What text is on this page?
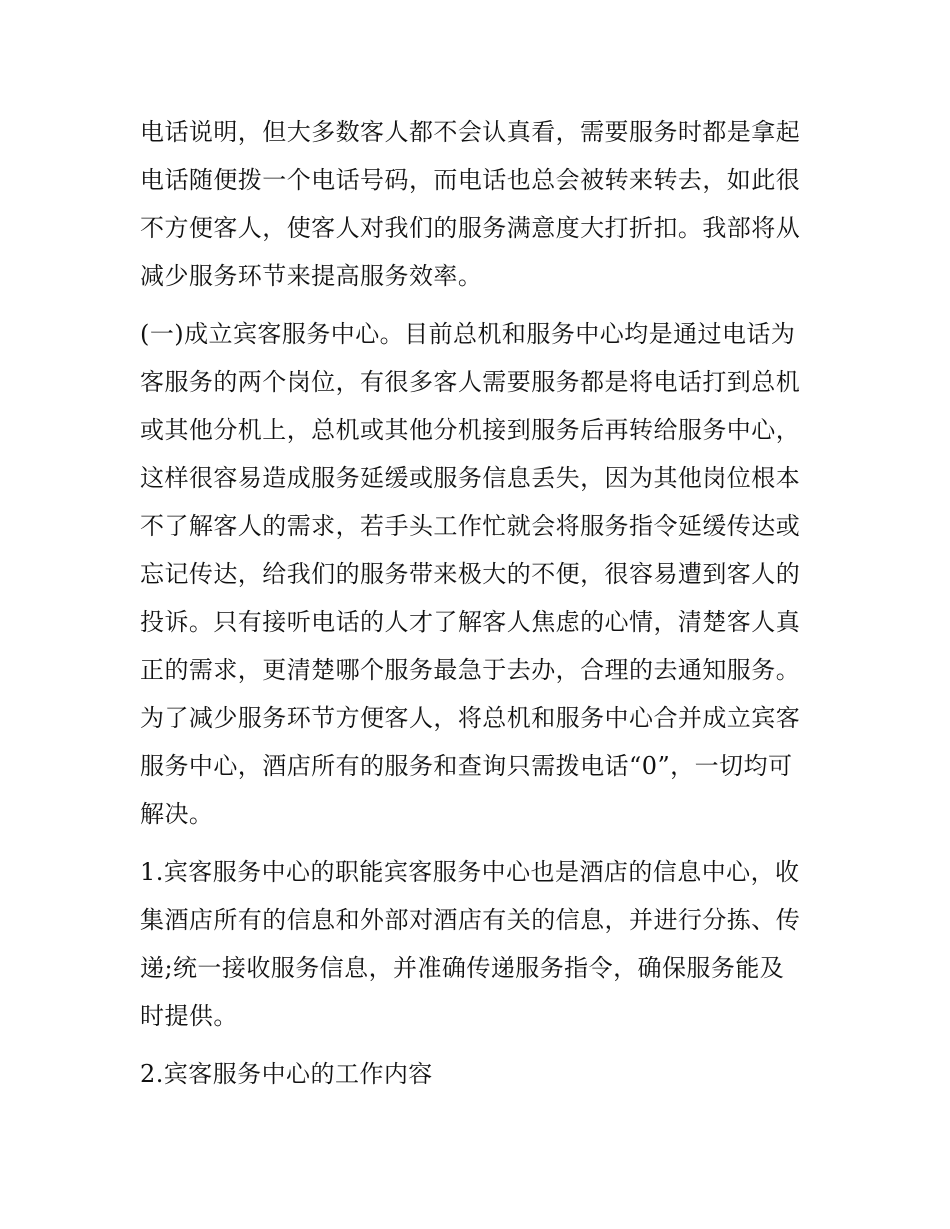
电话说明，但大多数客人都不会认真看，需要服务时都是拿起
电话随便拨一个电话号码，而电话也总会被转来转去，如此很
不方便客人，使客人对我们的服务满意度大打折扣。我部将从
减少服务环节来提高服务效率。
(一)成立宾客服务中心。目前总机和服务中心均是通过电话为
客服务的两个岗位，有很多客人需要服务都是将电话打到总机
或其他分机上，总机或其他分机接到服务后再转给服务中心，
这样很容易造成服务延缓或服务信息丢失，因为其他岗位根本
不了解客人的需求，若手头工作忙就会将服务指令延缓传达或
忘记传达，给我们的服务带来极大的不便，很容易遭到客人的
投诉。只有接听电话的人才了解客人焦虑的心情，清楚客人真
正的需求，更清楚哪个服务最急于去办，合理的去通知服务。
为了减少服务环节方便客人，将总机和服务中心合并成立宾客
服务中心，酒店所有的服务和查询只需拨电话“0”，一切均可
解决。
1.宾客服务中心的职能宾客服务中心也是酒店的信息中心，收
集酒店所有的信息和外部对酒店有关的信息，并进行分拣、传
递;统一接收服务信息，并准确传递服务指令，确保服务能及
时提供。
2.宾客服务中心的工作内容
